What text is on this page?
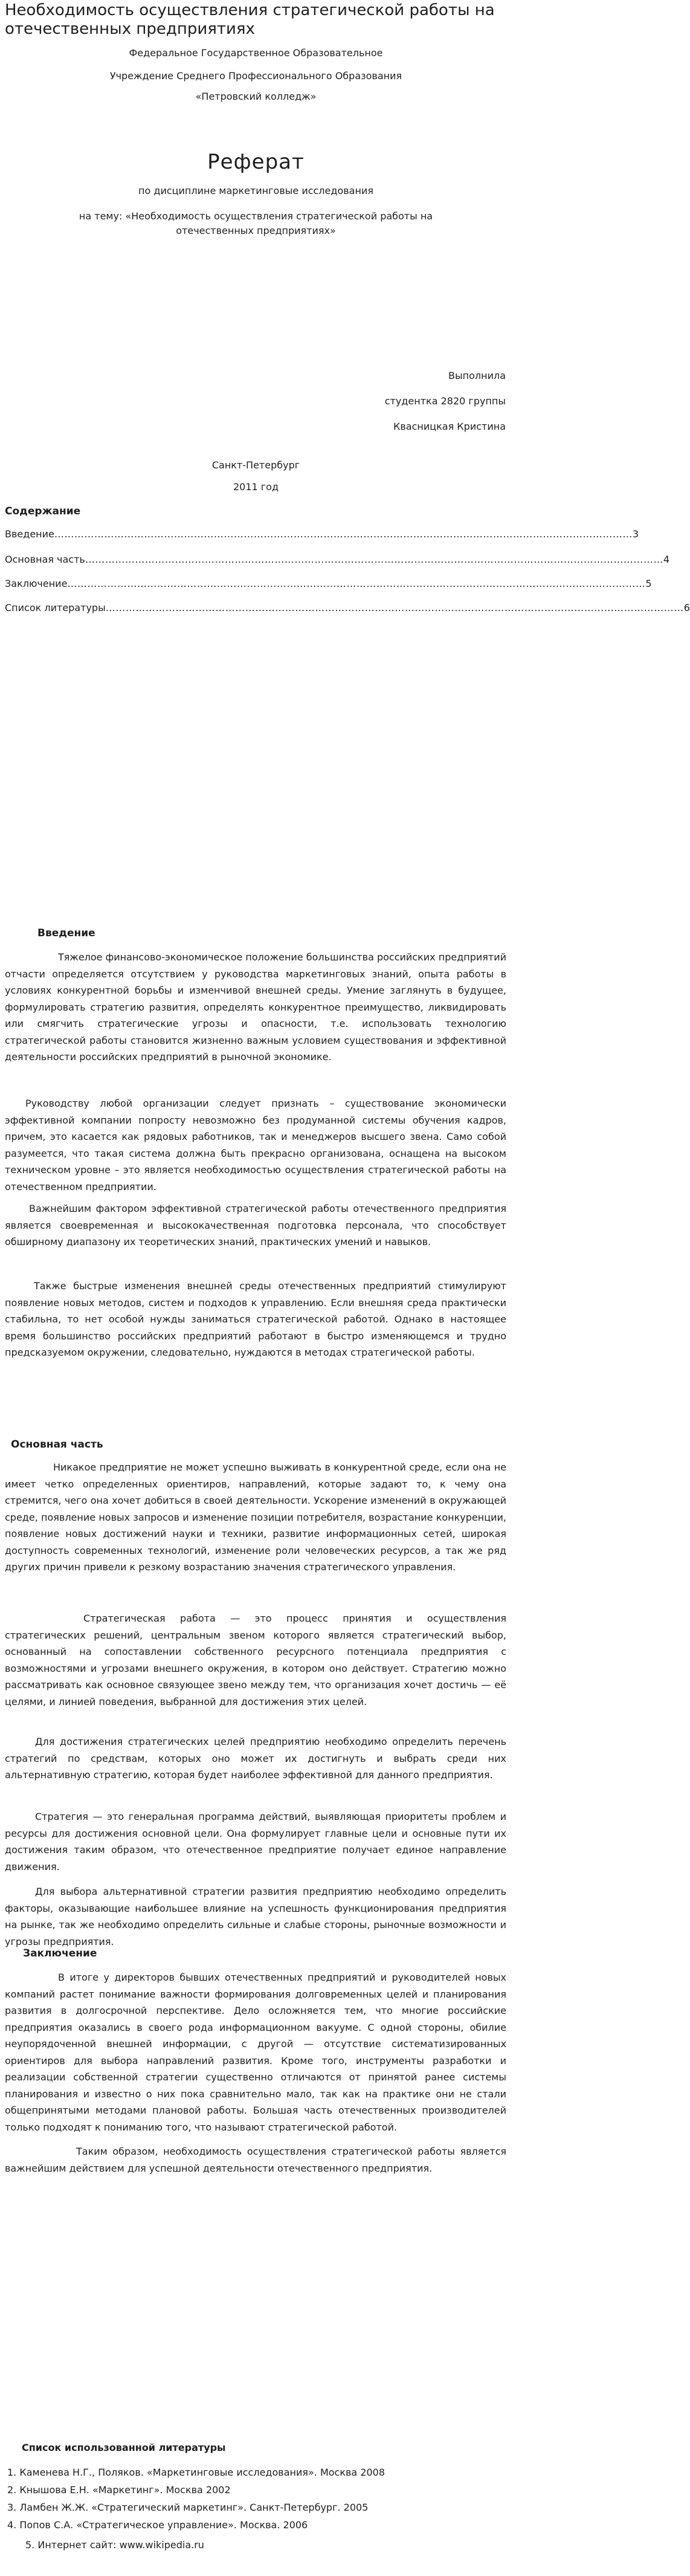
Необходимость осуществления стратегической работы на отечественных предприятиях
Федеральное Государственное Образовательное
Учреждение Среднего Профессионального Образования
«Петровский колледж»
Реферат
по дисциплине маркетинговые исследования
на тему: «Необходимость осуществления стратегической работы на
отечественных предприятиях»
Выполнила
студентка 2820 группы
Квасницкая Кристина
Санкт-Петербург
2011 год
Содержание
Введение ………………………………………………………………………………………………………………………………………………………… 3
Основная часть ………………………………………………………………………………………………………………………………………………………… 4
Заключение ………………………………………………………………………………………………………………………………………………………… 5
Список литературы ………………………………………………………………………………………………………………………………………………………… 6
Введение

Тяжелое финансово-экономическое положение большинства российских предприятий отчасти определяется отсутствием у руководства маркетинговых знаний, опыта работы в условиях конкурентной борьбы и изменчивой внешней среды. Умение заглянуть в будущее, формулировать стратегию развития, определять конкурентное преимущество, ликвидировать или смягчить стратегические угрозы и опасности, т.е. использовать технологию стратегической работы становится жизненно важным условием существования и эффективной деятельности российских предприятий в рыночной экономике.

Руководству любой организации следует признать – существование экономически эффективной компании попросту невозможно без продуманной системы обучения кадров, причем, это касается как рядовых работников, так и менеджеров высшего звена. Само собой разумеется, что такая система должна быть прекрасно организована, оснащена на высоком техническом уровне – это является необходимостью осуществления стратегической работы на отечественном предприятии.

Важнейшим фактором эффективной стратегической работы отечественного предприятия является своевременная и высококачественная подготовка персонала, что способствует обширному диапазону их теоретических знаний, практических умений и навыков.

Также быстрые изменения внешней среды отечественных предприятий стимулируют появление новых методов, систем и подходов к управлению. Если внешняя среда практически стабильна, то нет особой нужды заниматься стратегической работой. Однако в настоящее время большинство российских предприятий работают в быстро изменяющемся и трудно предсказуемом окружении, следовательно, нуждаются в методах стратегической работы.

Основная часть

Никакое предприятие не может успешно выживать в конкурентной среде, если она не имеет четко определенных ориентиров, направлений, которые задают то, к чему она стремится, чего она хочет добиться в своей деятельности. Ускорение изменений в окружающей среде, появление новых запросов и изменение позиции потребителя, возрастание конкуренции, появление новых достижений науки и техники, развитие информационных сетей, широкая доступность современных технологий, изменение роли человеческих ресурсов, а так же ряд других причин привели к резкому возрастанию значения стратегического управления.

Стратегическая работа — это процесс принятия и осуществления стратегических решений, центральным звеном которого является стратегический выбор, основанный на сопоставлении собственного ресурсного потенциала предприятия с возможностями и угрозами внешнего окружения, в котором оно действует. Стратегию можно рассматривать как основное связующее звено между тем, что организация хочет достичь — её целями, и линией поведения, выбранной для достижения этих целей.

Для достижения стратегических целей предприятию необходимо определить перечень стратегий по средствам, которых оно может их достигнуть и выбрать среди них альтернативную стратегию, которая будет наиболее эффективной для данного предприятия.

Стратегия — это генеральная программа действий, выявляющая приоритеты проблем и ресурсы для достижения основной цели. Она формулирует главные цели и основные пути их достижения таким образом, что отечественное предприятие получает единое направление движения.

Для выбора альтернативной стратегии развития предприятию необходимо определить факторы, оказывающие наибольшее влияние на успешность функционирования предприятия на рынке, так же необходимо определить сильные и слабые стороны, рыночные возможности и угрозы предприятия.

Заключение

В итоге у директоров бывших отечественных предприятий и руководителей новых компаний растет понимание важности формирования долговременных целей и планирования развития в долгосрочной перспективе. Дело осложняется тем, что многие российские предприятия оказались в своего рода информационном вакууме. С одной стороны, обилие неупорядоченной внешней информации, с другой — отсутствие систематизированных ориентиров для выбора направлений развития. Кроме того, инструменты разработки и реализации собственной стратегии существенно отличаются от принятой ранее системы планирования и известно о них пока сравнительно мало, так как на практике они не стали общепринятыми методами плановой работы. Большая часть отечественных производителей только подходят к пониманию того, что называют стратегической работой.

Таким образом, необходимость осуществления стратегической работы является важнейшим действием для успешной деятельности отечественного предприятия.

Список использованной литературы
1. Каменева Н.Г., Поляков. «Маркетинговые исследования». Москва 2008
2. Кнышова Е.Н. «Маркетинг». Москва 2002
3. Ламбен Ж.Ж. «Стратегический маркетинг». Санкт-Петербург. 2005
4. Попов С.А. «Стратегическое управление». Москва. 2006
5. Интернет сайт: www.wikipedia.ru
